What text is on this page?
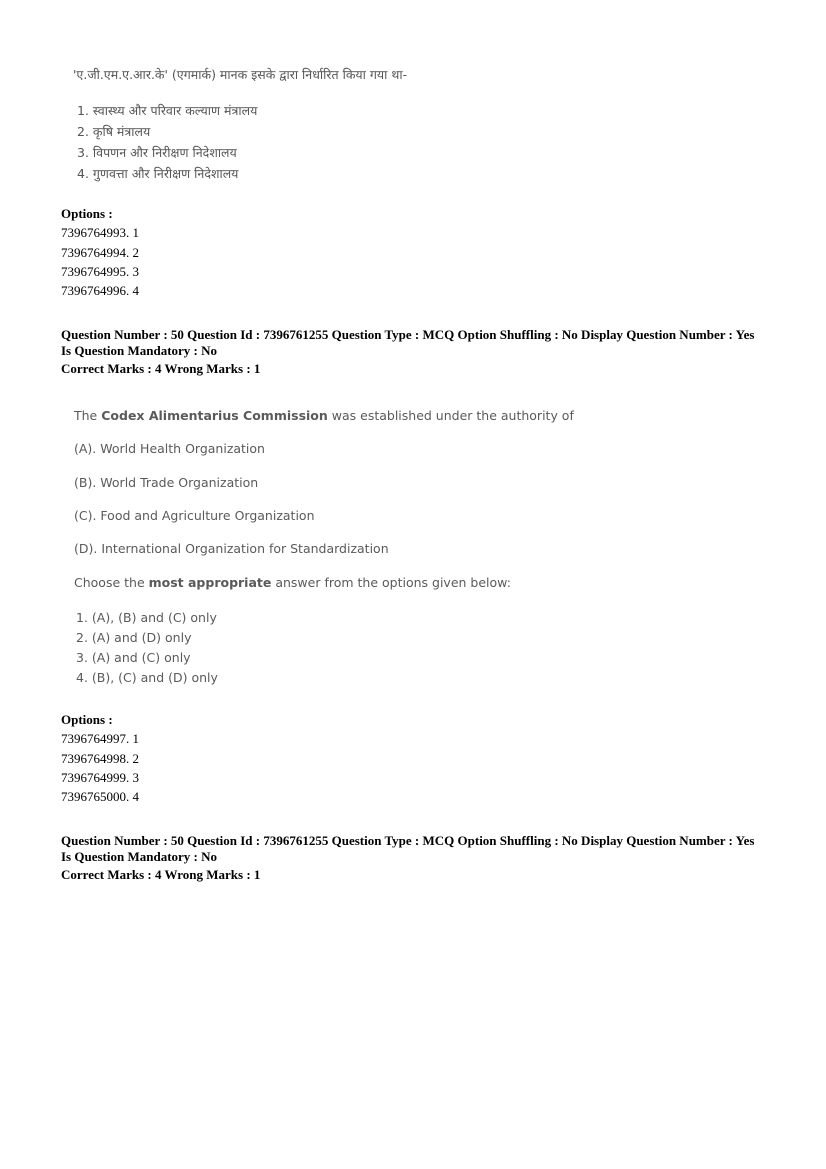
'ए.जी.एम.ए.आर.के' (एगमार्क) मानक इसके द्वारा निर्धारित किया गया था-
1. स्वास्थ्य और परिवार कल्याण मंत्रालय
2. कृषि मंत्रालय
3. विपणन और निरीक्षण निदेशालय
4. गुणवत्ता और निरीक्षण निदेशालय
Options :
7396764993. 1
7396764994. 2
7396764995. 3
7396764996. 4
Question Number : 50 Question Id : 7396761255 Question Type : MCQ Option Shuffling : No Display Question Number : Yes
Is Question Mandatory : No
Correct Marks : 4 Wrong Marks : 1
The Codex Alimentarius Commission was established under the authority of
(A). World Health Organization
(B). World Trade Organization
(C). Food and Agriculture Organization
(D). International Organization for Standardization
Choose the most appropriate answer from the options given below:
1. (A), (B) and (C) only
2. (A) and (D) only
3. (A) and (C) only
4. (B), (C) and (D) only
Options :
7396764997. 1
7396764998. 2
7396764999. 3
7396765000. 4
Question Number : 50 Question Id : 7396761255 Question Type : MCQ Option Shuffling : No Display Question Number : Yes
Is Question Mandatory : No
Correct Marks : 4 Wrong Marks : 1
